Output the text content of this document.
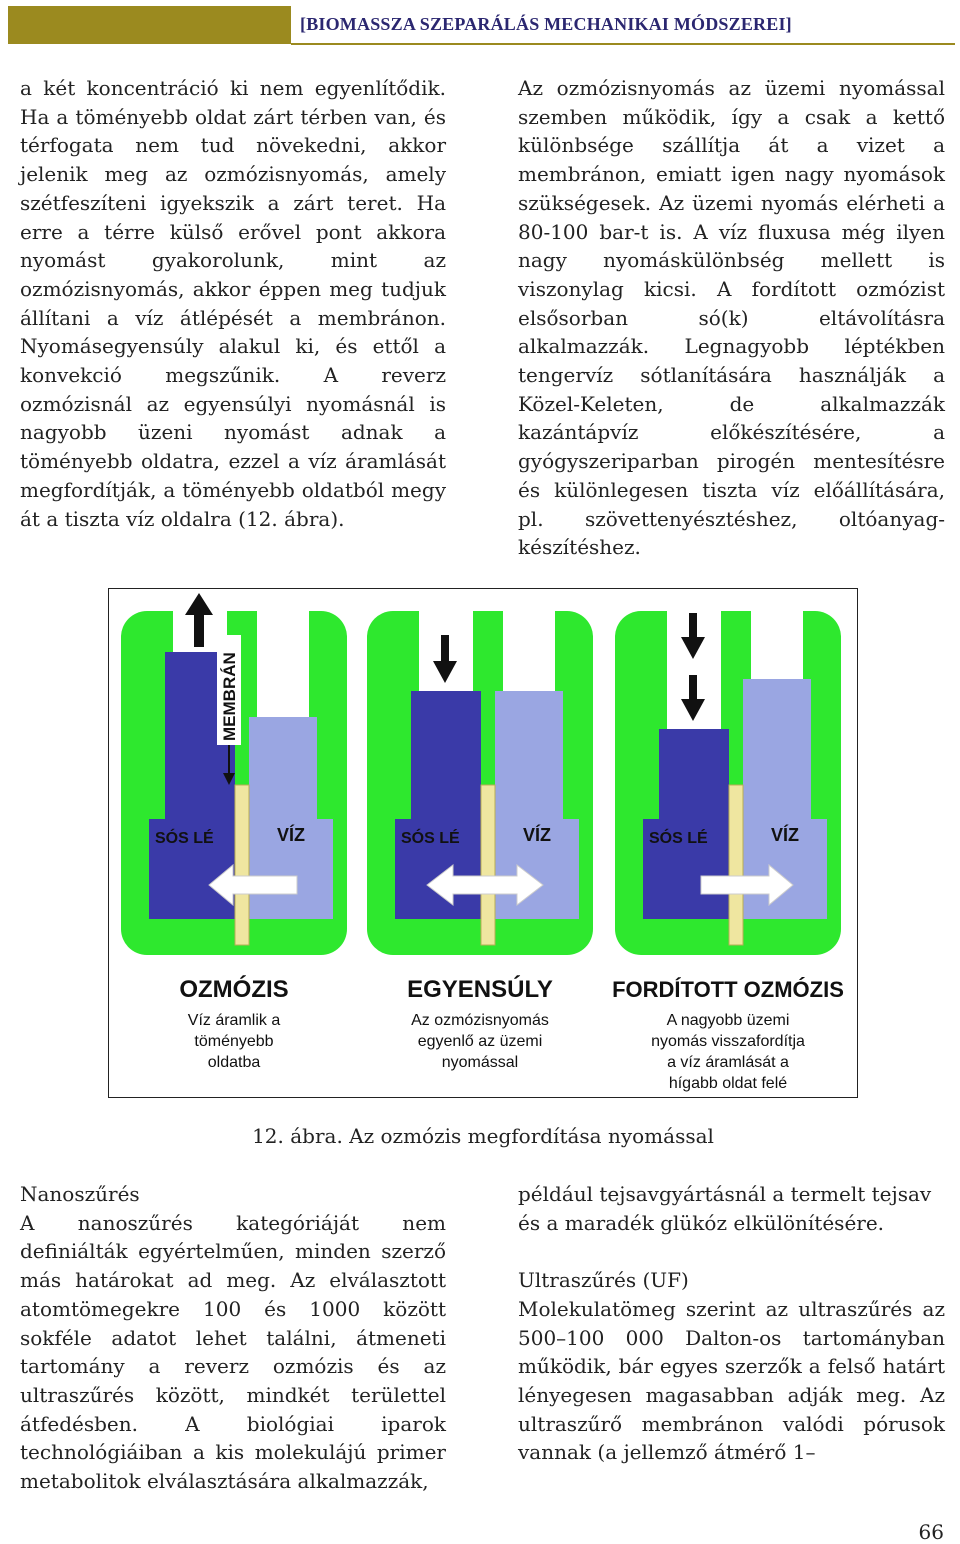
[BIOMASSZA SZEPARÁLÁS MECHANIKAI MÓDSZEREI]

a két koncentráció ki nem egyenlítődik. Ha a töményebb oldat zárt térben van, és térfogata nem tud növekedni, akkor jelenik meg az ozmózisnyomás, amely szétfeszíteni igyekszik a zárt teret. Ha erre a térre külső erővel pont akkora nyomást gyakorolunk, mint az ozmózisnyomás, akkor éppen meg tudjuk állítani a víz átlépését a membránon. Nyomásegyensúly alakul ki, és ettől a konvekció megszűnik. A reverz ozmózisnál az egyensúlyi nyomásnál is nagyobb üzeni nyomást adnak a töményebb oldatra, ezzel a víz áramlását megfordítják, a töményebb oldatból megy át a tiszta víz oldalra (12. ábra).

Az ozmózisnyomás az üzemi nyomással szemben működik, így a csak a kettő különbsége szállítja át a vizet a membránon, emiatt igen nagy nyomások szükségesek. Az üzemi nyomás elérheti a 80-100 bar-t is. A víz fluxusa még ilyen nagy nyomáskülönbség mellett is viszonylag kicsi. A fordított ozmózist elsősorban só(k) eltávolításra alkalmazzák. Legnagyobb léptékben tengervíz sótlanítására használják a Közel-Keleten, de alkalmazzák kazántápvíz előkészítésére, a gyógyszeriparban pirogén mentesítésre és különlegesen tiszta víz előállítására, pl. szövettenyésztéshez, oltóanyag-készítéshez.

SÓS LÉ	VÍZ
OZMÓZIS
Víz áramlik a
töményebb
oldatba
SÓS LÉ	VÍZ
EGYENSÚLY
Az ozmózisnyomás
egyenlő az üzemi
nyomással
SÓS LÉ	VÍZ
FORDÍTOTT OZMÓZIS
A nagyobb üzemi
nyomás visszafordítja
a víz áramlását a
hígabb oldat felé
MEMBRÁN
12. ábra. Az ozmózis megfordítása nyomással

Nanoszűrés

A nanoszűrés kategóriáját nem definiálták egyértelműen, minden szerző más határokat ad meg. Az elválasztott atomtömegekre 100 és 1000 között sokféle adatot lehet találni, átmeneti tartomány a reverz ozmózis és az ultraszűrés között, mindkét területtel átfedésben. A biológiai iparok technológiáiban a kis molekulájú primer metabolitok elválasztására alkalmazzák,

például tejsavgyártásnál a termelt tejsav és a maradék glükóz elkülönítésére.

Ultraszűrés (UF)

Molekulatömeg szerint az ultraszűrés az 500–100 000 Dalton-os tartományban működik, bár egyes szerzők a felső határt lényegesen magasabban adják meg. Az ultraszűrő membránon valódi pórusok vannak (a jellemző átmérő 1–

66
